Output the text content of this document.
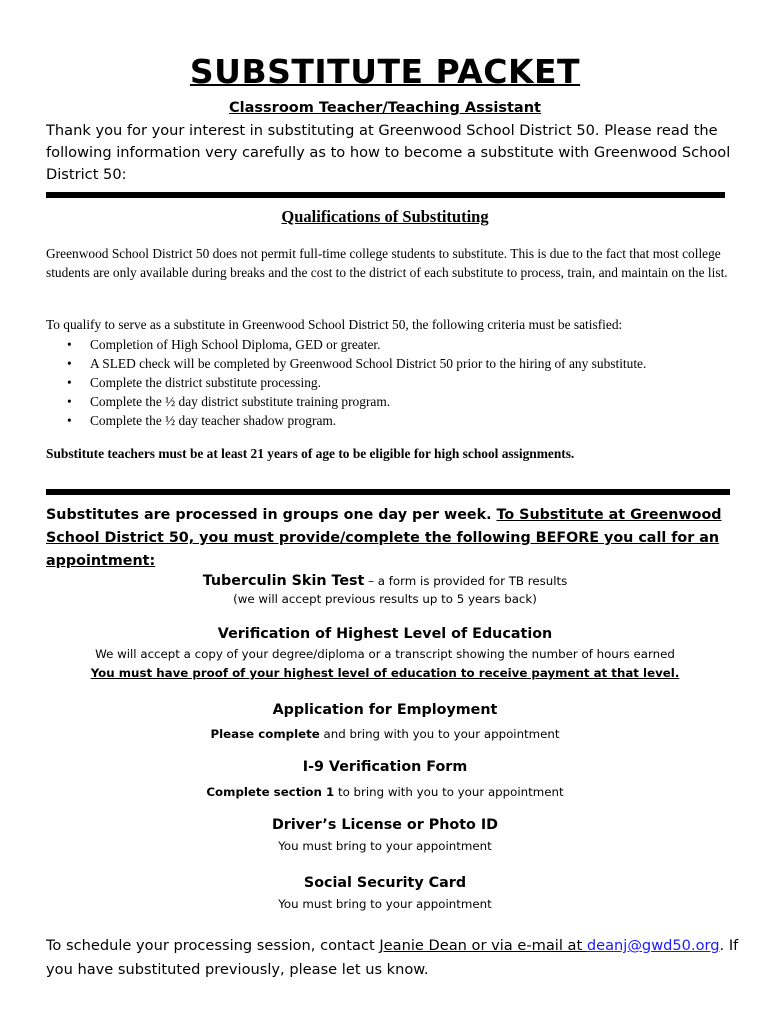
SUBSTITUTE PACKET
Classroom Teacher/Teaching Assistant
Thank you for your interest in substituting at Greenwood School District 50. Please read the following information very carefully as to how to become a substitute with Greenwood School District 50:
Qualifications of Substituting
Greenwood School District 50 does not permit full-time college students to substitute. This is due to the fact that most college students are only available during breaks and the cost to the district of each substitute to process, train, and maintain on the list.
To qualify to serve as a substitute in Greenwood School District 50, the following criteria must be satisfied:
• Completion of High School Diploma, GED or greater.
• A SLED check will be completed by Greenwood School District 50 prior to the hiring of any substitute.
• Complete the district substitute processing.
• Complete the ½ day district substitute training program.
• Complete the ½ day teacher shadow program.
Substitute teachers must be at least 21 years of age to be eligible for high school assignments.
Substitutes are processed in groups one day per week. To Substitute at Greenwood School District 50, you must provide/complete the following BEFORE you call for an appointment:
Tuberculin Skin Test – a form is provided for TB results
(we will accept previous results up to 5 years back)
Verification of Highest Level of Education
We will accept a copy of your degree/diploma or a transcript showing the number of hours earned
You must have proof of your highest level of education to receive payment at that level.
Application for Employment
Please complete and bring with you to your appointment
I-9 Verification Form
Complete section 1 to bring with you to your appointment
Driver’s License or Photo ID
You must bring to your appointment
Social Security Card
You must bring to your appointment
To schedule your processing session, contact Jeanie Dean or via e-mail at deanj@gwd50.org. If you have substituted previously, please let us know.
